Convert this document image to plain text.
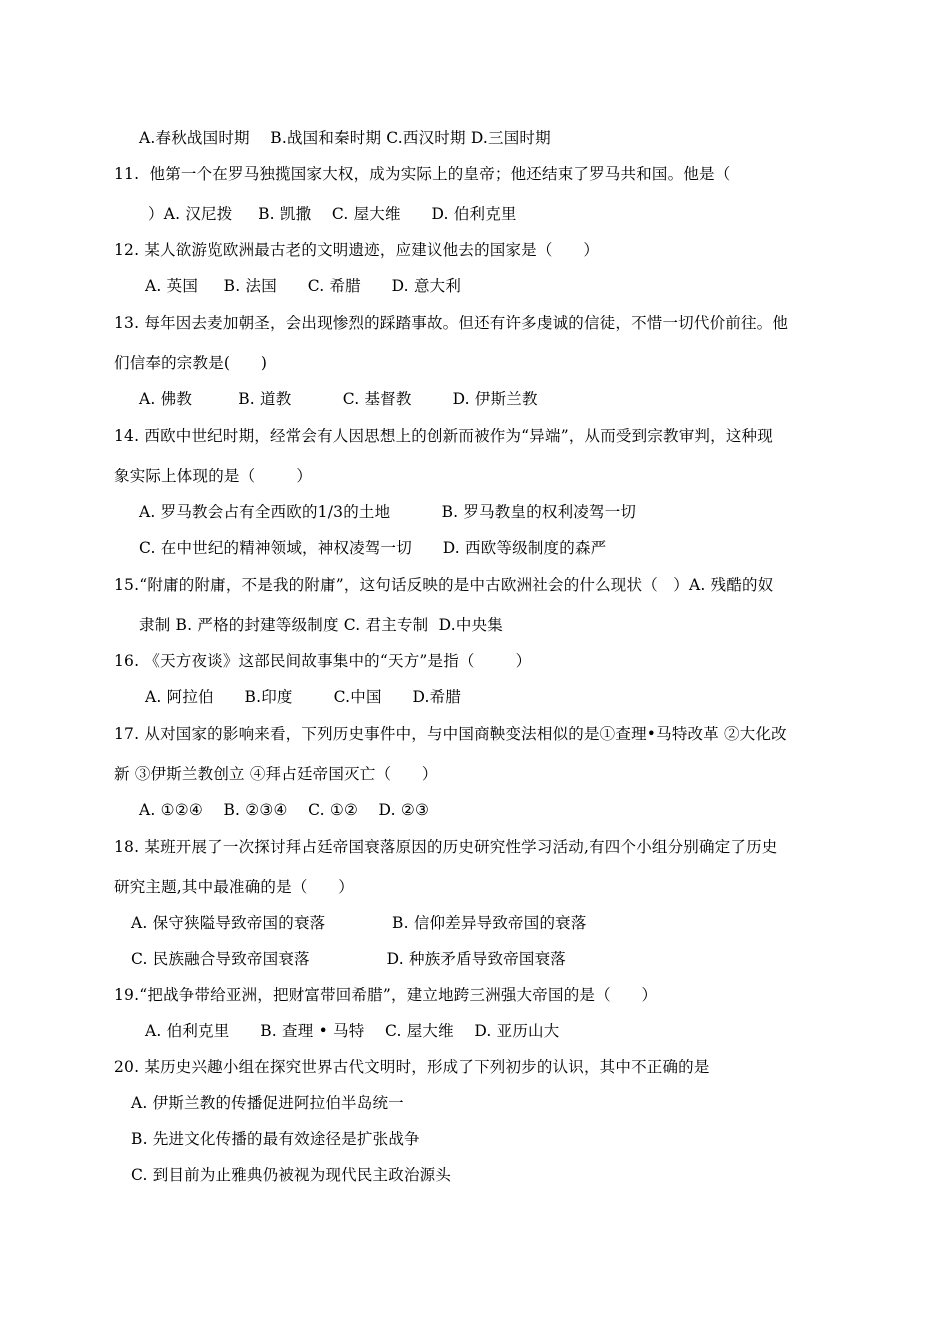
A.春秋战国时期    B.战国和秦时期 C.西汉时期 D.三国时期
11.  他第一个在罗马独揽国家大权，成为实际上的皇帝；他还结束了罗马共和国。他是（
）A. 汉尼拨     B. 凯撒    C. 屋大维      D. 伯利克里
12. 某人欲游览欧洲最古老的文明遗迹，应建议他去的国家是（      ）
A. 英国     B. 法国      C. 希腊      D. 意大利
13. 每年因去麦加朝圣，会出现惨烈的踩踏事故。但还有许多虔诚的信徒，不惜一切代价前往。他
们信奉的宗教是(      )
A. 佛教         B. 道教          C. 基督教        D. 伊斯兰教
14. 西欧中世纪时期，经常会有人因思想上的创新而被作为“异端”，从而受到宗教审判，这种现
象实际上体现的是（        ）
A. 罗马教会占有全西欧的1/3的土地          B. 罗马教皇的权利凌驾一切
C. 在中世纪的精神领域，神权凌驾一切      D. 西欧等级制度的森严
15.“附庸的附庸，不是我的附庸”，这句话反映的是中古欧洲社会的什么现状（   ）A. 残酷的奴
隶制 B. 严格的封建等级制度 C. 君主专制  D.中央集
16. 《天方夜谈》这部民间故事集中的“天方”是指（        ）
A. 阿拉伯      B.印度        C.中国      D.希腊
17. 从对国家的影响来看，下列历史事件中，与中国商鞅变法相似的是①查理•马特改革 ②大化改
新 ③伊斯兰教创立 ④拜占廷帝国灭亡（      ）
A. ①②④    B. ②③④    C. ①②    D. ②③
18. 某班开展了一次探讨拜占廷帝国衰落原因的历史研究性学习活动,有四个小组分别确定了历史
研究主题,其中最准确的是（      ）
A. 保守狭隘导致帝国的衰落             B. 信仰差异导致帝国的衰落
C. 民族融合导致帝国衰落               D. 种族矛盾导致帝国衰落
19.“把战争带给亚洲，把财富带回希腊”，建立地跨三洲强大帝国的是（      ）
A. 伯利克里      B. 查理 • 马特    C. 屋大维    D. 亚历山大
20. 某历史兴趣小组在探究世界古代文明时，形成了下列初步的认识，其中不正确的是
A. 伊斯兰教的传播促进阿拉伯半岛统一
B. 先进文化传播的最有效途径是扩张战争
C. 到目前为止雅典仍被视为现代民主政治源头
